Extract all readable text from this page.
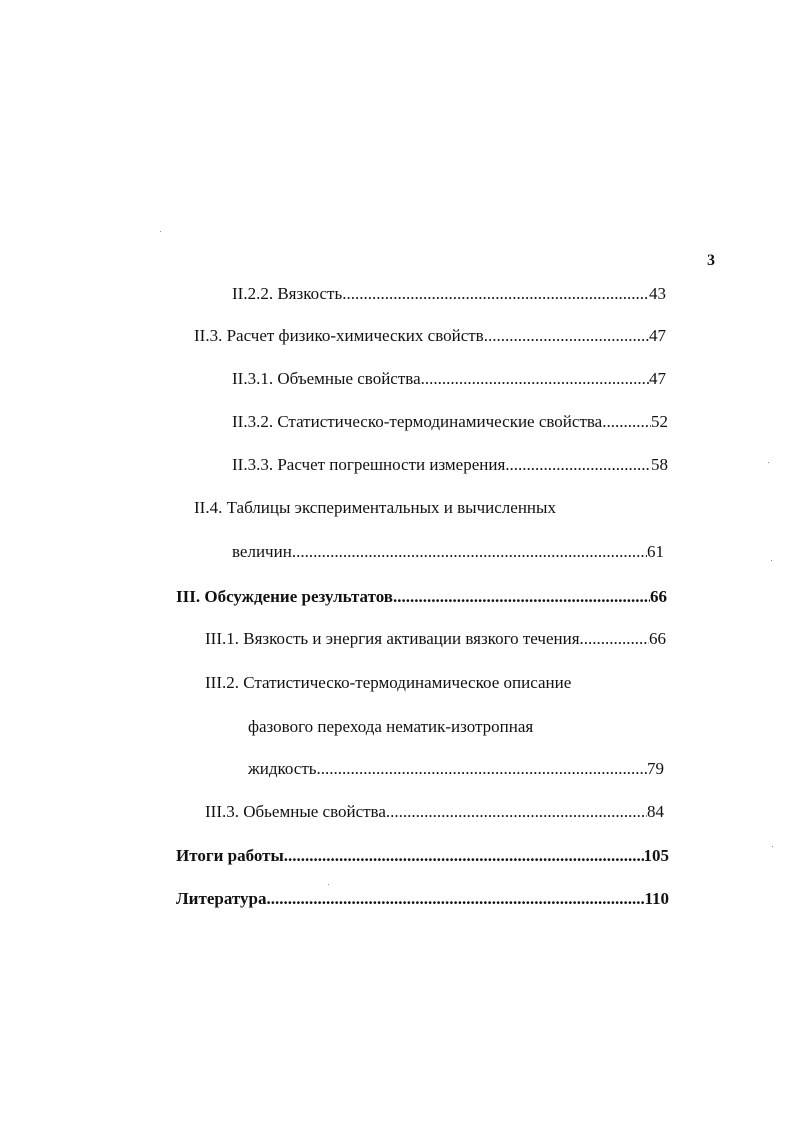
3
II.2.2. Вязкость .....	43
II.3. Расчет физико-химических свойств .....	47
II.3.1. Объемные свойства .....	47
II.3.2. Статистическо-термодинамические свойства .....	52
II.3.3. Расчет погрешности измерения .....	58
II.4. Таблицы экспериментальных и вычисленных
величин .....	61
III. Обсуждение результатов .....	66
III.1. Вязкость и энергия активации вязкого течения .....	66
III.2. Статистическо-термодинамическое описание
фазового перехода нематик-изотропная
жидкость .....	79
III.3. Обьемные свойства .....	84
Итоги работы .....	105
Литература .....	110
